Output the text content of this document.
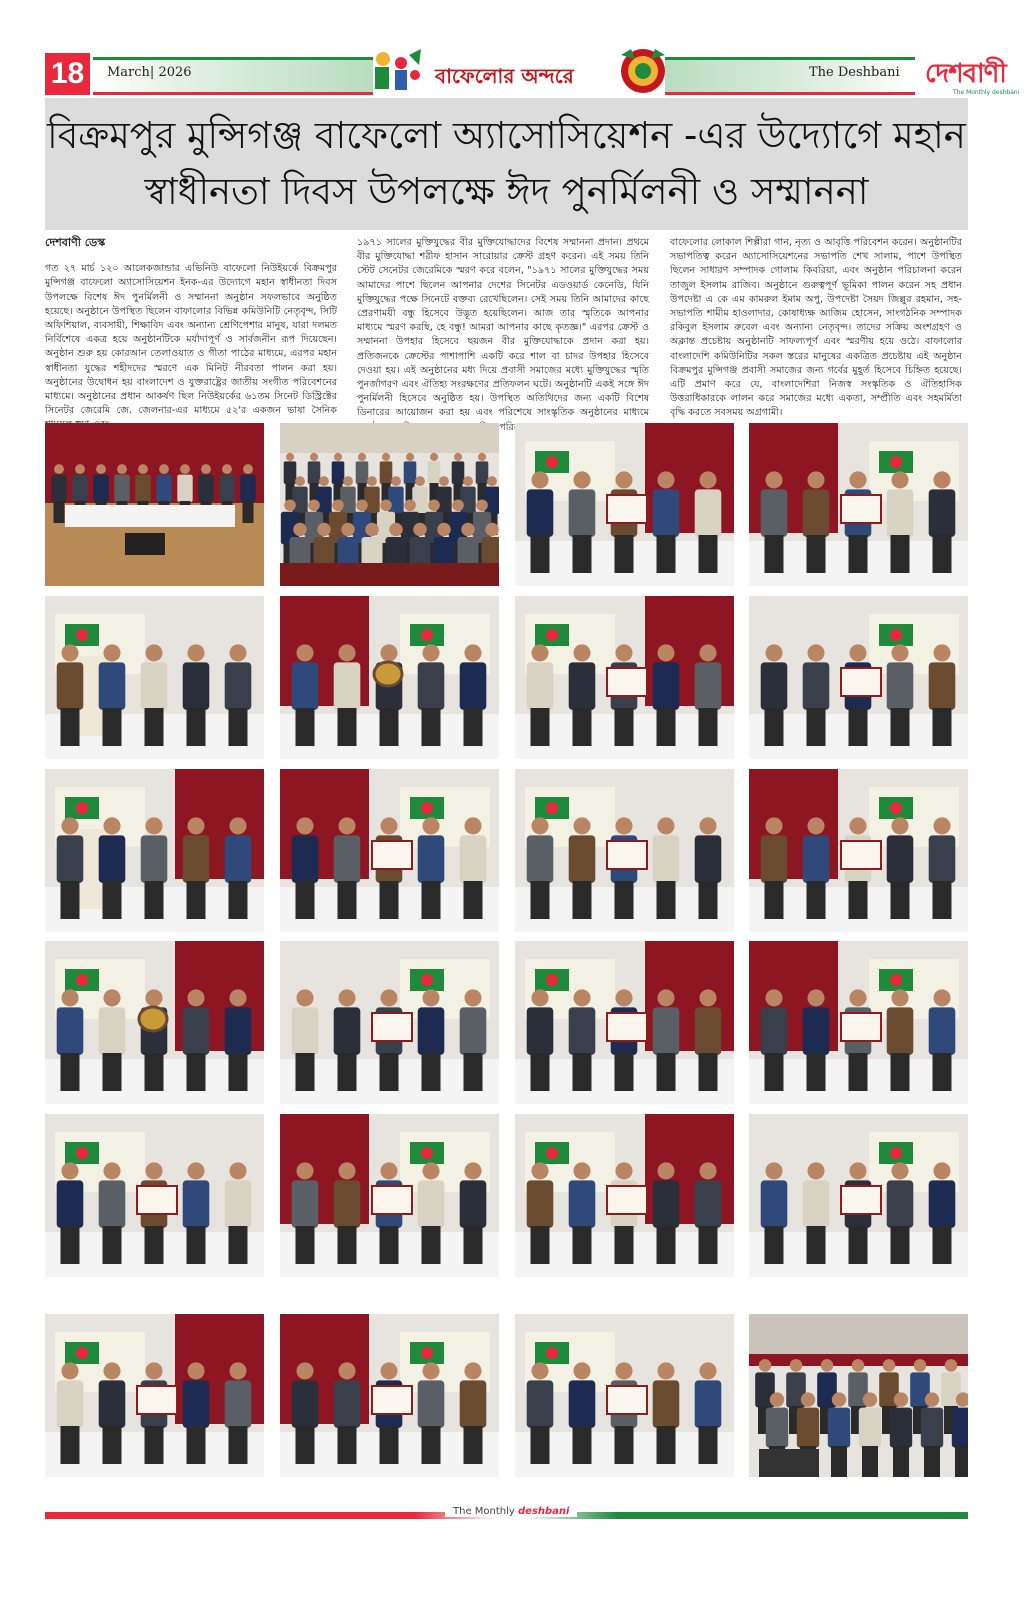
18	March| 2026	বাফেলোর অন্দরে	The Deshbani দেশবাণী
The Monthly deshbani
বিক্রমপুর মুন্সিগঞ্জ বাফেলো অ্যাসোসিয়েশন -এর উদ্যোগে মহান
স্বাধীনতা দিবস উপলক্ষে ঈদ পুনর্মিলনী ও সম্মাননা

দেশবাণী ডেস্ক

গত ২৭ মার্চ ১২০ আলেকজান্ডার এভিনিউ বাফেলো নিউইয়র্কে বিক্রমপুর মুন্সিগঞ্জ বাফেলো অ্যাসোসিয়েশন ইনক-এর উদ্যোগে মহান স্বাধীনতা দিবস উপলক্ষে বিশেষ ঈদ পুনর্মিলনী ও সম্মাননা অনুষ্ঠান সফলভাবে অনুষ্ঠিত হয়েছে। অনুষ্ঠানে উপস্থিত ছিলেন বাফালোর বিভিন্ন কমিউনিটি নেতৃবৃন্দ, সিটি অফিশিয়াল, ব্যবসায়ী, শিক্ষাবিদ এবং অন্যান্য শ্রেণিপেশার মানুষ, যারা দলমত নির্বিশেষে একত্র হয়ে অনুষ্ঠানটিকে মর্যাদাপূর্ণ ও সার্বজনীন রূপ দিয়েছেন। অনুষ্ঠান শুরু হয় কোরআন তেলাওয়াত ও গীতা পাঠের মাধ্যমে, এরপর মহান স্বাধীনতা যুদ্ধের শহীদদের স্মরণে এক মিনিট নীরবতা পালন করা হয়। অনুষ্ঠানের উদ্বোধন হয় বাংলাদেশ ও যুক্তরাষ্ট্রের জাতীয় সংগীত পরিবেশনের মাধ্যমে। অনুষ্ঠানের প্রধান আকর্ষণ ছিল নিউইয়র্কের ৬১তম সিনেট ডিস্ট্রিক্টের সিনেটর জেরেমি জে. জেলনার-এর মাধ্যমে ৫২'র একজন ভাষা সৈনিক

১৯৭১ সালের মুক্তিযুদ্ধের বীর মুক্তিযোদ্ধাদের বিশেষ সম্মাননা প্রদান। প্রথমে বীর মুক্তিযোদ্ধা শরীফ হাসান সারোয়ার ক্রেস্ট গ্রহণ করেন। এই সময় তিনি স্টেট সেনেটর জেরেমিকে স্মরণ করে বলেন, "১৯৭১ সালের মুক্তিযুদ্ধের সময় আমাদের পাশে ছিলেন আপনার দেশের সিনেটর এডওয়ার্ড কেনেডি, যিনি মুক্তিযুদ্ধের পক্ষে সিনেটে বক্তব্য রেখেছিলেন। সেই সময় তিনি আমাদের কাছে প্রেরণাময়ী বন্ধু হিসেবে উদ্ভূত হয়েছিলেন। আজ তার স্মৃতিকে আপনার মাধ্যমে স্মরণ করছি, হে বন্ধু! আমরা আপনার কাছে কৃতজ্ঞ।" এরপর ক্রেস্ট ও সম্মাননা উপহার হিসেবে ছয়জন বীর মুক্তিযোদ্ধাকে প্রদান করা হয়। প্রতিজনকে ক্রেস্টের পাশাপাশি একটি করে শাল বা চাদর উপহার হিসেবে দেওয়া হয়। এই অনুষ্ঠানের মধ্য দিয়ে প্রবাসী সমাজের মধ্যে মুক্তিযুদ্ধের স্মৃতি পুনর্জাগরণ এবং ঐতিহ্য সংরক্ষণের প্রতিফলন ঘটে। অনুষ্ঠানটি একই সঙ্গে ঈদ পুনর্মিলনী হিসেবে অনুষ্ঠিত হয়। উপস্থিত অতিথিদের জন্য একটি বিশেষ ডিনারের আয়োজন করা হয় এবং পরিশেষে সাংস্কৃতিক অনুষ্ঠানের মাধ্যমে

বাফেলোর লোকাল শিল্পীরা গান, নৃত্য ও আবৃত্তি পরিবেশন করেন। অনুষ্ঠানটির সভাপতিত্ব করেন অ্যাসোসিয়েশনের সভাপতি শেখ সালাম, পাশে উপস্থিত ছিলেন সাধারণ সম্পাদক গোলাম কিবরিয়া, এবং অনুষ্ঠান পরিচালনা করেন তাজুল ইসলাম রাজিব। অনুষ্ঠানে গুরুত্বপূর্ণ ভূমিকা পালন করেন সহ প্রধান উপদেষ্টা এ কে এম কামরুল ইমাম অপু, উপদেষ্টা সৈয়দ জিল্লুর রহমান, সহ-সভাপতি শামীম হাওলাদার, কোষাধ্যক্ষ আজিম হোসেন, সাংগঠনিক সম্পাদক রকিবুল ইসলাম রুবেল এবং অন্যান্য নেতৃবৃন্দ। তাদের সক্রিয় অংশগ্রহণ ও অক্লান্ত প্রচেষ্টায় অনুষ্ঠানটি সাফল্যপূর্ণ এবং স্মরণীয় হয়ে ওঠে। বাফালোর বাংলাদেশি কমিউনিটির সকল স্তরের মানুষের একত্রিত প্রচেষ্টায় এই অনুষ্ঠান বিক্রমপুর মুন্সিগঞ্জ প্রবাসী সমাজের জন্য গর্বের মুহূর্ত হিসেবে চিহ্নিত হয়েছে। এটি প্রমাণ করে যে, বাংলাদেশিরা নিজস্ব সংস্কৃতিক ও ঐতিহাসিক উত্তরাধিকারকে লালন করে সমাজের মধ্যে একতা, সম্প্রীতি এবং সহমর্মিতা বৃদ্ধি করতে সবসময় অগ্রগামী।

The Monthly deshbani
